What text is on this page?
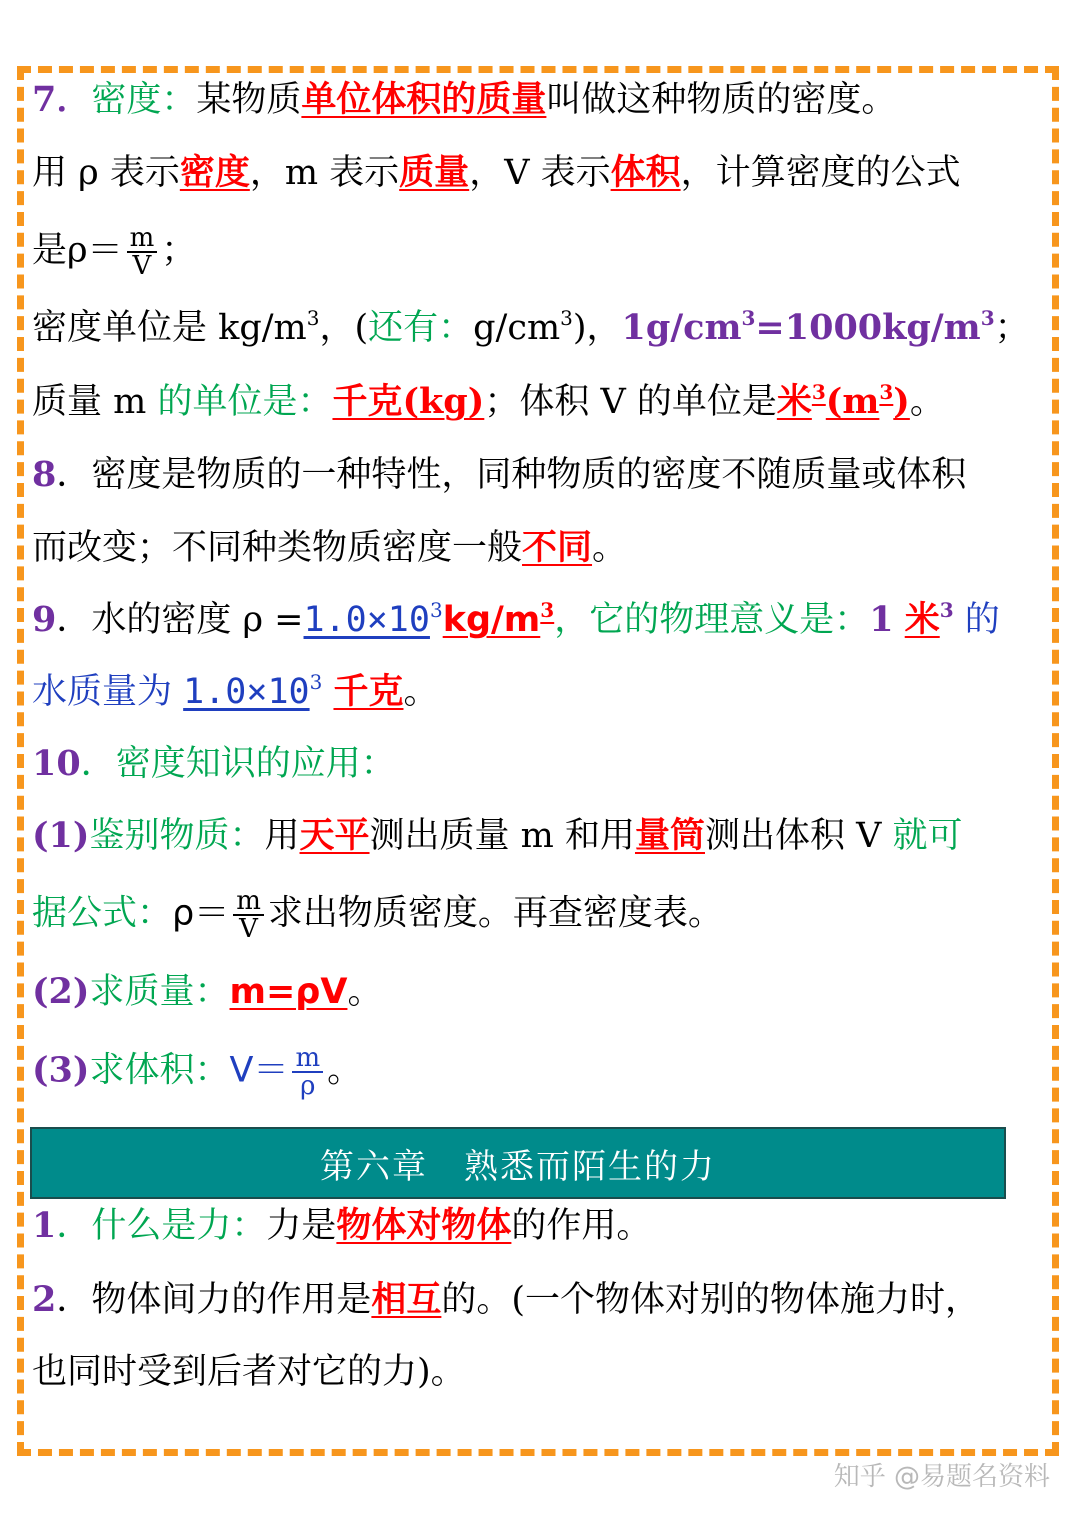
7．密度：某物质单位体积的质量叫做这种物质的密度。
用 ρ 表示密度，m 表示质量，V 表示体积，计算密度的公式
是$\rho= \frac{m}{V}$ ；
密度单位是 $kg/m^3$，(还有：$g/cm^3$)，$1g/cm^3=1000kg/m^3$；
质量 m 的单位是：千克(kg)；体积 V 的单位是米$^3(m^3)$。
8．密度是物质的一种特性，同种物质的密度不随质量或体积
而改变；不同种类物质密度一般不同。
9．水的密度 $\rho =1.0\times 10^3kg/m^3$，它的物理意义是：1 米$^3$ 的
水质量为 $1.0\times 10^3$ 千克。
10．密度知识的应用：
(1)鉴别物质：用天平测出质量 m 和用量筒测出体积 V 就可
据公式：$\rho= \frac{m}{V}$ 求出物质密度。再查密度表。
(2)求质量：m=ρV。
(3)求体积：$V= \frac{m}{\rho}$ 。
第六章　熟悉而陌生的力
1．什么是力：力是物体对物体的作用。
2．物体间力的作用是相互的。(一个物体对别的物体施力时，
也同时受到后者对它的力)。
知乎 @易题名资料
